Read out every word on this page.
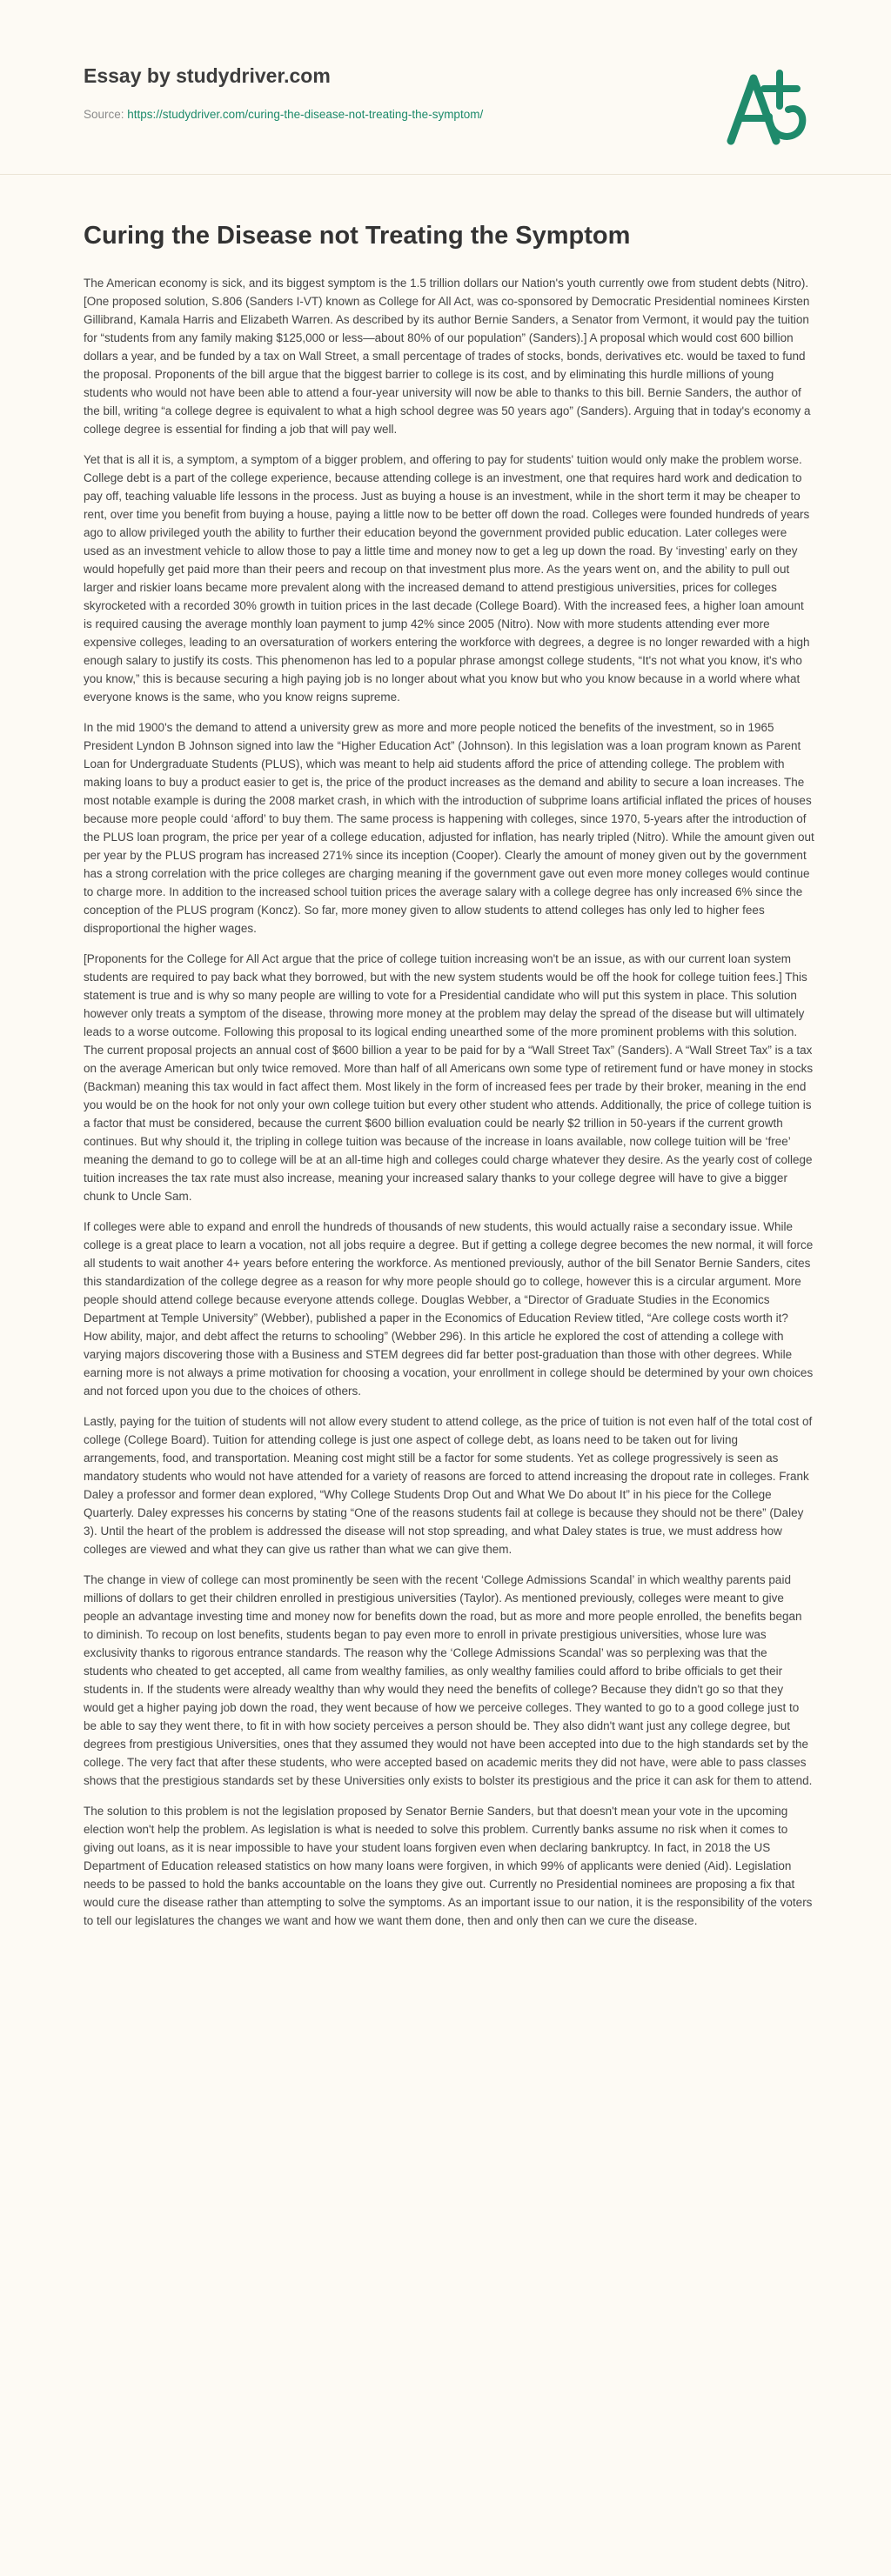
Essay by studydriver.com
Source: https://studydriver.com/curing-the-disease-not-treating-the-symptom/
Curing the Disease not Treating the Symptom

The American economy is sick, and its biggest symptom is the 1.5 trillion dollars our Nation's youth currently owe from student debts (Nitro). [One proposed solution, S.806 (Sanders I-VT) known as College for All Act, was co-sponsored by Democratic Presidential nominees Kirsten Gillibrand, Kamala Harris and Elizabeth Warren. As described by its author Bernie Sanders, a Senator from Vermont, it would pay the tuition for “students from any family making $125,000 or less—about 80% of our population” (Sanders).] A proposal which would cost 600 billion dollars a year, and be funded by a tax on Wall Street, a small percentage of trades of stocks, bonds, derivatives etc. would be taxed to fund the proposal. Proponents of the bill argue that the biggest barrier to college is its cost, and by eliminating this hurdle millions of young students who would not have been able to attend a four-year university will now be able to thanks to this bill. Bernie Sanders, the author of the bill, writing “a college degree is equivalent to what a high school degree was 50 years ago” (Sanders). Arguing that in today's economy a college degree is essential for finding a job that will pay well.

Yet that is all it is, a symptom, a symptom of a bigger problem, and offering to pay for students' tuition would only make the problem worse. College debt is a part of the college experience, because attending college is an investment, one that requires hard work and dedication to pay off, teaching valuable life lessons in the process. Just as buying a house is an investment, while in the short term it may be cheaper to rent, over time you benefit from buying a house, paying a little now to be better off down the road. Colleges were founded hundreds of years ago to allow privileged youth the ability to further their education beyond the government provided public education. Later colleges were used as an investment vehicle to allow those to pay a little time and money now to get a leg up down the road. By ‘investing’ early on they would hopefully get paid more than their peers and recoup on that investment plus more. As the years went on, and the ability to pull out larger and riskier loans became more prevalent along with the increased demand to attend prestigious universities, prices for colleges skyrocketed with a recorded 30% growth in tuition prices in the last decade (College Board). With the increased fees, a higher loan amount is required causing the average monthly loan payment to jump 42% since 2005 (Nitro). Now with more students attending ever more expensive colleges, leading to an oversaturation of workers entering the workforce with degrees, a degree is no longer rewarded with a high enough salary to justify its costs. This phenomenon has led to a popular phrase amongst college students, “It's not what you know, it's who you know,” this is because securing a high paying job is no longer about what you know but who you know because in a world where what everyone knows is the same, who you know reigns supreme.

In the mid 1900's the demand to attend a university grew as more and more people noticed the benefits of the investment, so in 1965 President Lyndon B Johnson signed into law the “Higher Education Act” (Johnson). In this legislation was a loan program known as Parent Loan for Undergraduate Students (PLUS), which was meant to help aid students afford the price of attending college. The problem with making loans to buy a product easier to get is, the price of the product increases as the demand and ability to secure a loan increases. The most notable example is during the 2008 market crash, in which with the introduction of subprime loans artificial inflated the prices of houses because more people could ‘afford’ to buy them. The same process is happening with colleges, since 1970, 5-years after the introduction of the PLUS loan program, the price per year of a college education, adjusted for inflation, has nearly tripled (Nitro). While the amount given out per year by the PLUS program has increased 271% since its inception (Cooper). Clearly the amount of money given out by the government has a strong correlation with the price colleges are charging meaning if the government gave out even more money colleges would continue to charge more. In addition to the increased school tuition prices the average salary with a college degree has only increased 6% since the conception of the PLUS program (Koncz). So far, more money given to allow students to attend colleges has only led to higher fees disproportional the higher wages.

[Proponents for the College for All Act argue that the price of college tuition increasing won't be an issue, as with our current loan system students are required to pay back what they borrowed, but with the new system students would be off the hook for college tuition fees.] This statement is true and is why so many people are willing to vote for a Presidential candidate who will put this system in place. This solution however only treats a symptom of the disease, throwing more money at the problem may delay the spread of the disease but will ultimately leads to a worse outcome. Following this proposal to its logical ending unearthed some of the more prominent problems with this solution. The current proposal projects an annual cost of $600 billion a year to be paid for by a “Wall Street Tax” (Sanders). A “Wall Street Tax” is a tax on the average American but only twice removed. More than half of all Americans own some type of retirement fund or have money in stocks (Backman) meaning this tax would in fact affect them. Most likely in the form of increased fees per trade by their broker, meaning in the end you would be on the hook for not only your own college tuition but every other student who attends. Additionally, the price of college tuition is a factor that must be considered, because the current $600 billion evaluation could be nearly $2 trillion in 50-years if the current growth continues. But why should it, the tripling in college tuition was because of the increase in loans available, now college tuition will be ‘free’ meaning the demand to go to college will be at an all-time high and colleges could charge whatever they desire. As the yearly cost of college tuition increases the tax rate must also increase, meaning your increased salary thanks to your college degree will have to give a bigger chunk to Uncle Sam.

If colleges were able to expand and enroll the hundreds of thousands of new students, this would actually raise a secondary issue. While college is a great place to learn a vocation, not all jobs require a degree. But if getting a college degree becomes the new normal, it will force all students to wait another 4+ years before entering the workforce. As mentioned previously, author of the bill Senator Bernie Sanders, cites this standardization of the college degree as a reason for why more people should go to college, however this is a circular argument. More people should attend college because everyone attends college. Douglas Webber, a “Director of Graduate Studies in the Economics Department at Temple University” (Webber), published a paper in the Economics of Education Review titled, “Are college costs worth it? How ability, major, and debt affect the returns to schooling” (Webber 296). In this article he explored the cost of attending a college with varying majors discovering those with a Business and STEM degrees did far better post-graduation than those with other degrees. While earning more is not always a prime motivation for choosing a vocation, your enrollment in college should be determined by your own choices and not forced upon you due to the choices of others.

Lastly, paying for the tuition of students will not allow every student to attend college, as the price of tuition is not even half of the total cost of college (College Board). Tuition for attending college is just one aspect of college debt, as loans need to be taken out for living arrangements, food, and transportation. Meaning cost might still be a factor for some students. Yet as college progressively is seen as mandatory students who would not have attended for a variety of reasons are forced to attend increasing the dropout rate in colleges. Frank Daley a professor and former dean explored, “Why College Students Drop Out and What We Do about It” in his piece for the College Quarterly. Daley expresses his concerns by stating “One of the reasons students fail at college is because they should not be there” (Daley 3). Until the heart of the problem is addressed the disease will not stop spreading, and what Daley states is true, we must address how colleges are viewed and what they can give us rather than what we can give them.

The change in view of college can most prominently be seen with the recent ‘College Admissions Scandal’ in which wealthy parents paid millions of dollars to get their children enrolled in prestigious universities (Taylor). As mentioned previously, colleges were meant to give people an advantage investing time and money now for benefits down the road, but as more and more people enrolled, the benefits began to diminish. To recoup on lost benefits, students began to pay even more to enroll in private prestigious universities, whose lure was exclusivity thanks to rigorous entrance standards. The reason why the ‘College Admissions Scandal’ was so perplexing was that the students who cheated to get accepted, all came from wealthy families, as only wealthy families could afford to bribe officials to get their students in. If the students were already wealthy than why would they need the benefits of college? Because they didn't go so that they would get a higher paying job down the road, they went because of how we perceive colleges. They wanted to go to a good college just to be able to say they went there, to fit in with how society perceives a person should be. They also didn't want just any college degree, but degrees from prestigious Universities, ones that they assumed they would not have been accepted into due to the high standards set by the college. The very fact that after these students, who were accepted based on academic merits they did not have, were able to pass classes shows that the prestigious standards set by these Universities only exists to bolster its prestigious and the price it can ask for them to attend.

The solution to this problem is not the legislation proposed by Senator Bernie Sanders, but that doesn't mean your vote in the upcoming election won't help the problem. As legislation is what is needed to solve this problem. Currently banks assume no risk when it comes to giving out loans, as it is near impossible to have your student loans forgiven even when declaring bankruptcy. In fact, in 2018 the US Department of Education released statistics on how many loans were forgiven, in which 99% of applicants were denied (Aid). Legislation needs to be passed to hold the banks accountable on the loans they give out. Currently no Presidential nominees are proposing a fix that would cure the disease rather than attempting to solve the symptoms. As an important issue to our nation, it is the responsibility of the voters to tell our legislatures the changes we want and how we want them done, then and only then can we cure the disease.
